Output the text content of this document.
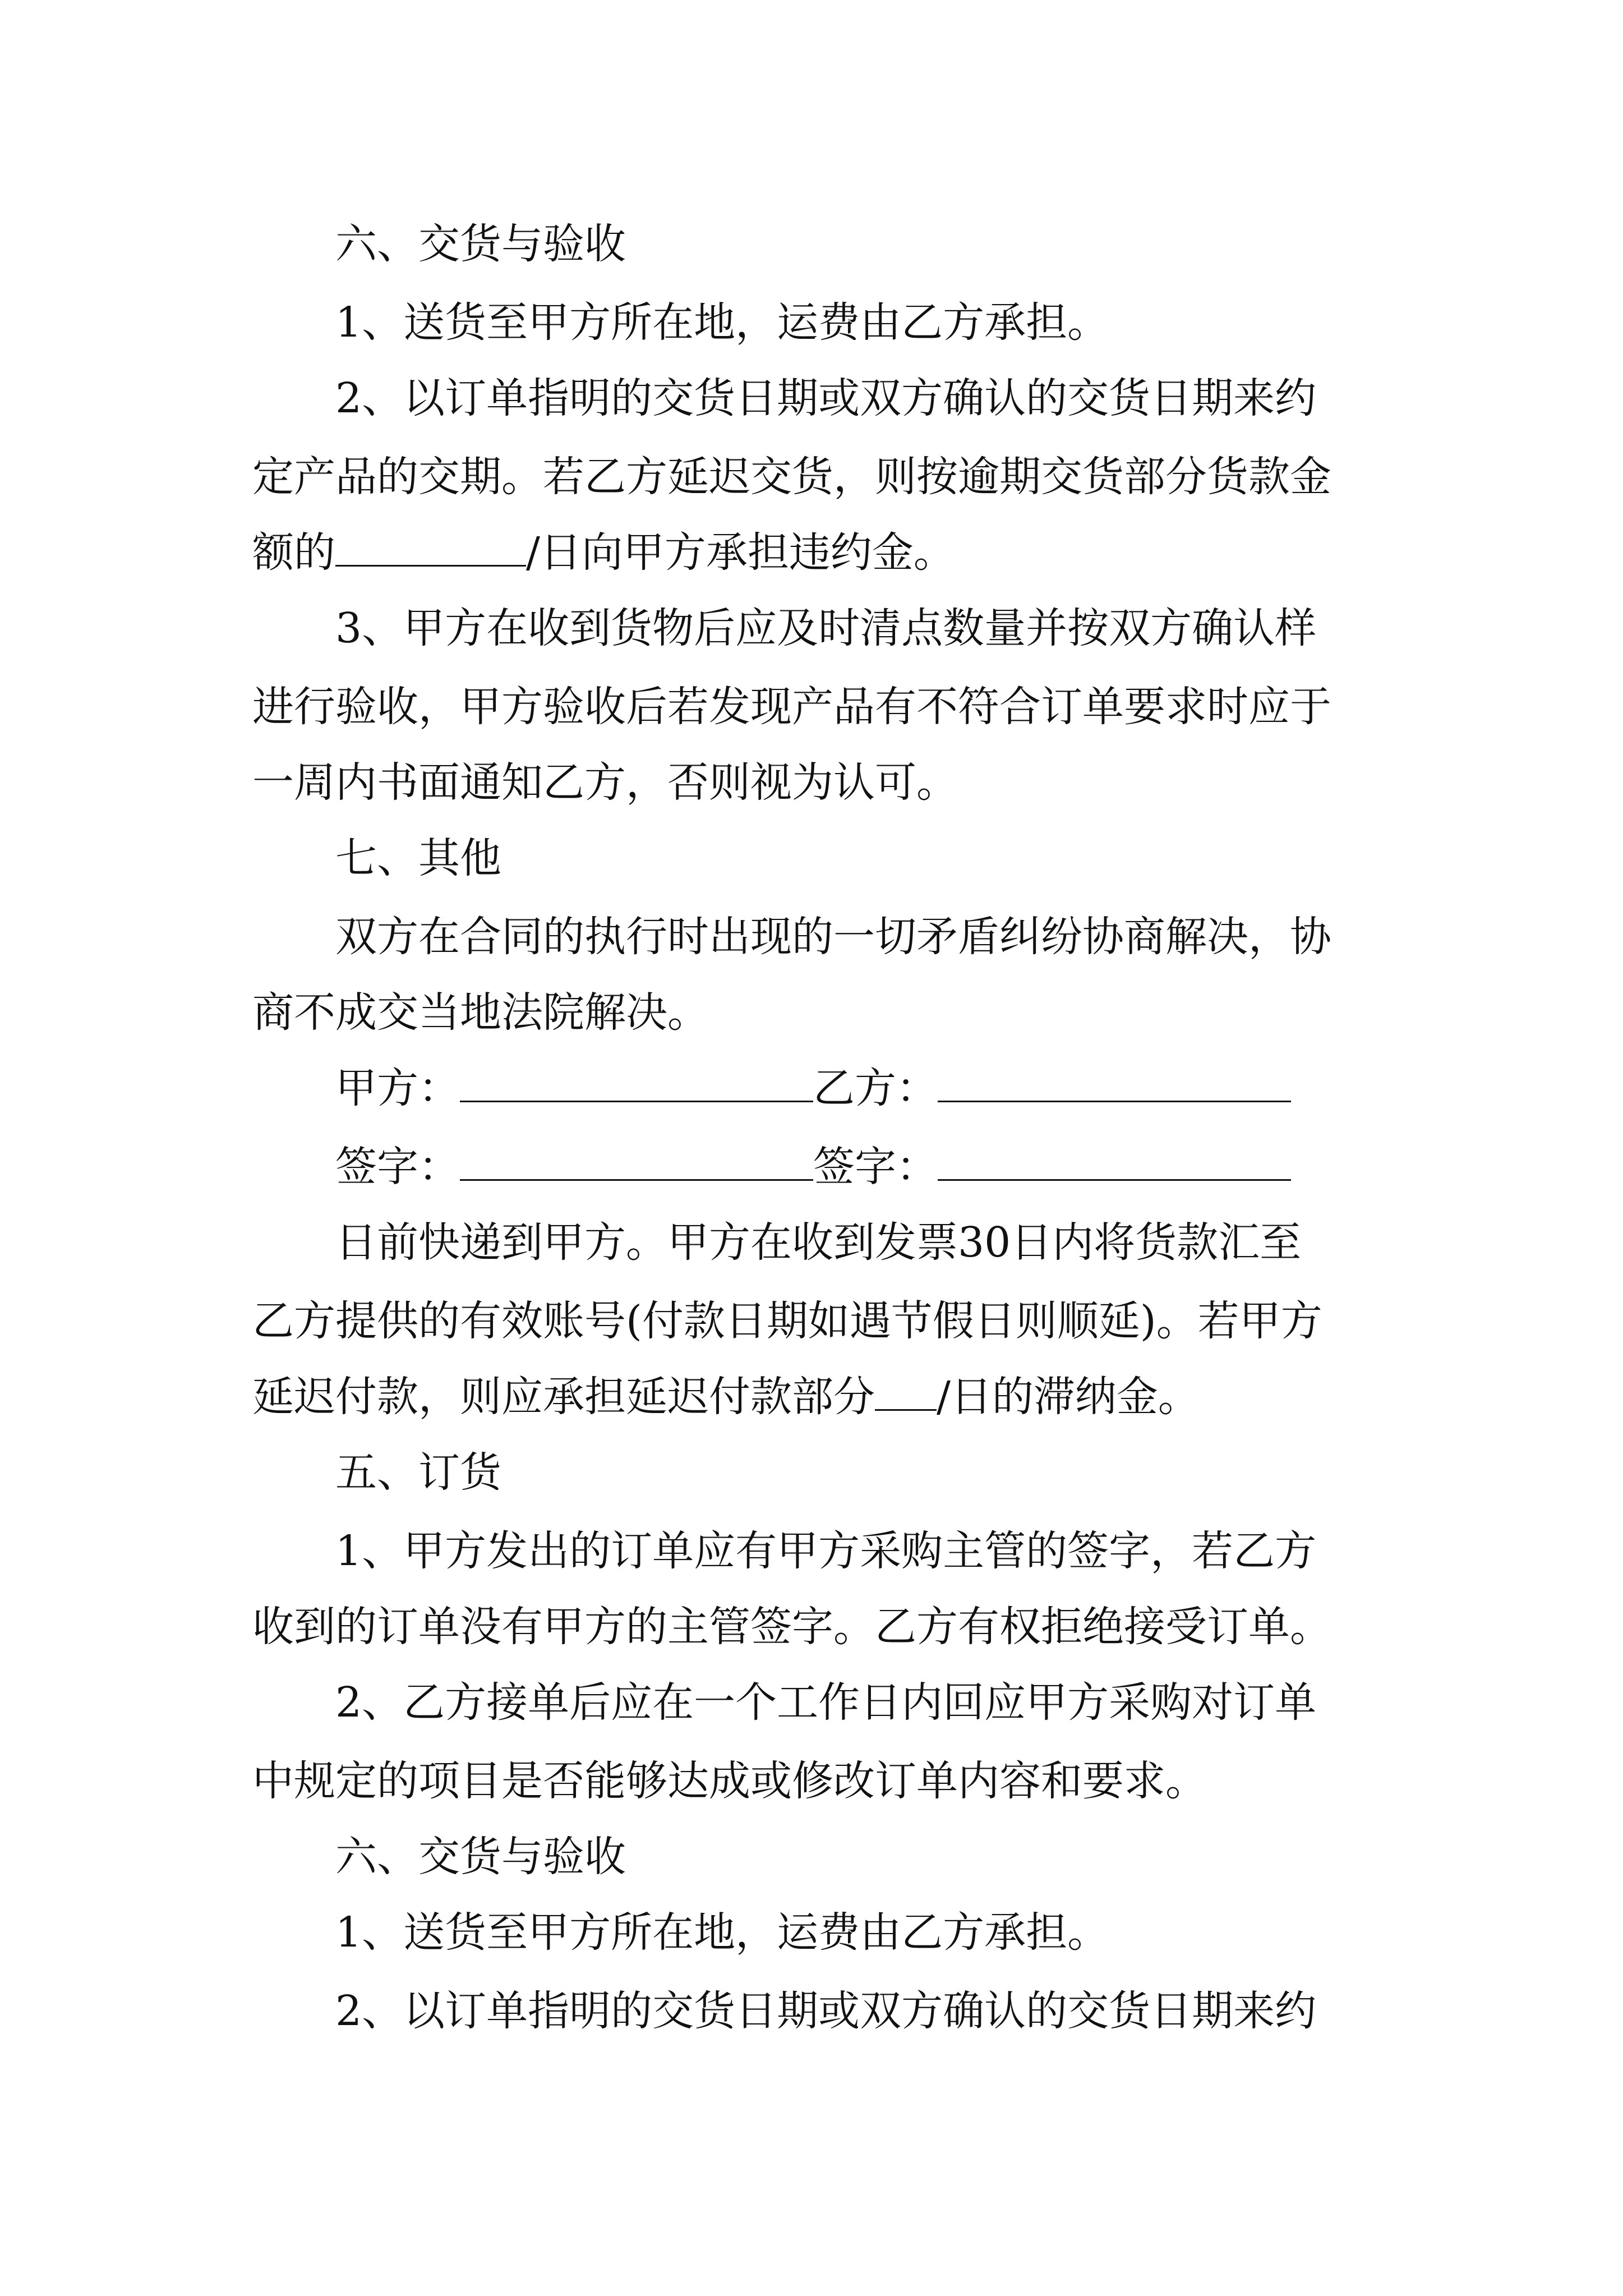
六、交货与验收
1、送货至甲方所在地，运费由乙方承担。
2、以订单指明的交货日期或双方确认的交货日期来约
定产品的交期。若乙方延迟交货，则按逾期交货部分货款金
额的	/日向甲方承担违约金。
3、甲方在收到货物后应及时清点数量并按双方确认样
进行验收，甲方验收后若发现产品有不符合订单要求时应于
一周内书面通知乙方，否则视为认可。
七、其他
双方在合同的执行时出现的一切矛盾纠纷协商解决，协
商不成交当地法院解决。
甲方：	乙方：
签字：	签字：
日前快递到甲方。甲方在收到发票30日内将货款汇至
乙方提供的有效账号(付款日期如遇节假日则顺延)。若甲方
延迟付款，则应承担延迟付款部分 /日的滞纳金。
五、订货
1、甲方发出的订单应有甲方采购主管的签字，若乙方
收到的订单没有甲方的主管签字。乙方有权拒绝接受订单。
2、乙方接单后应在一个工作日内回应甲方采购对订单
中规定的项目是否能够达成或修改订单内容和要求。
六、交货与验收
1、送货至甲方所在地，运费由乙方承担。
2、以订单指明的交货日期或双方确认的交货日期来约
